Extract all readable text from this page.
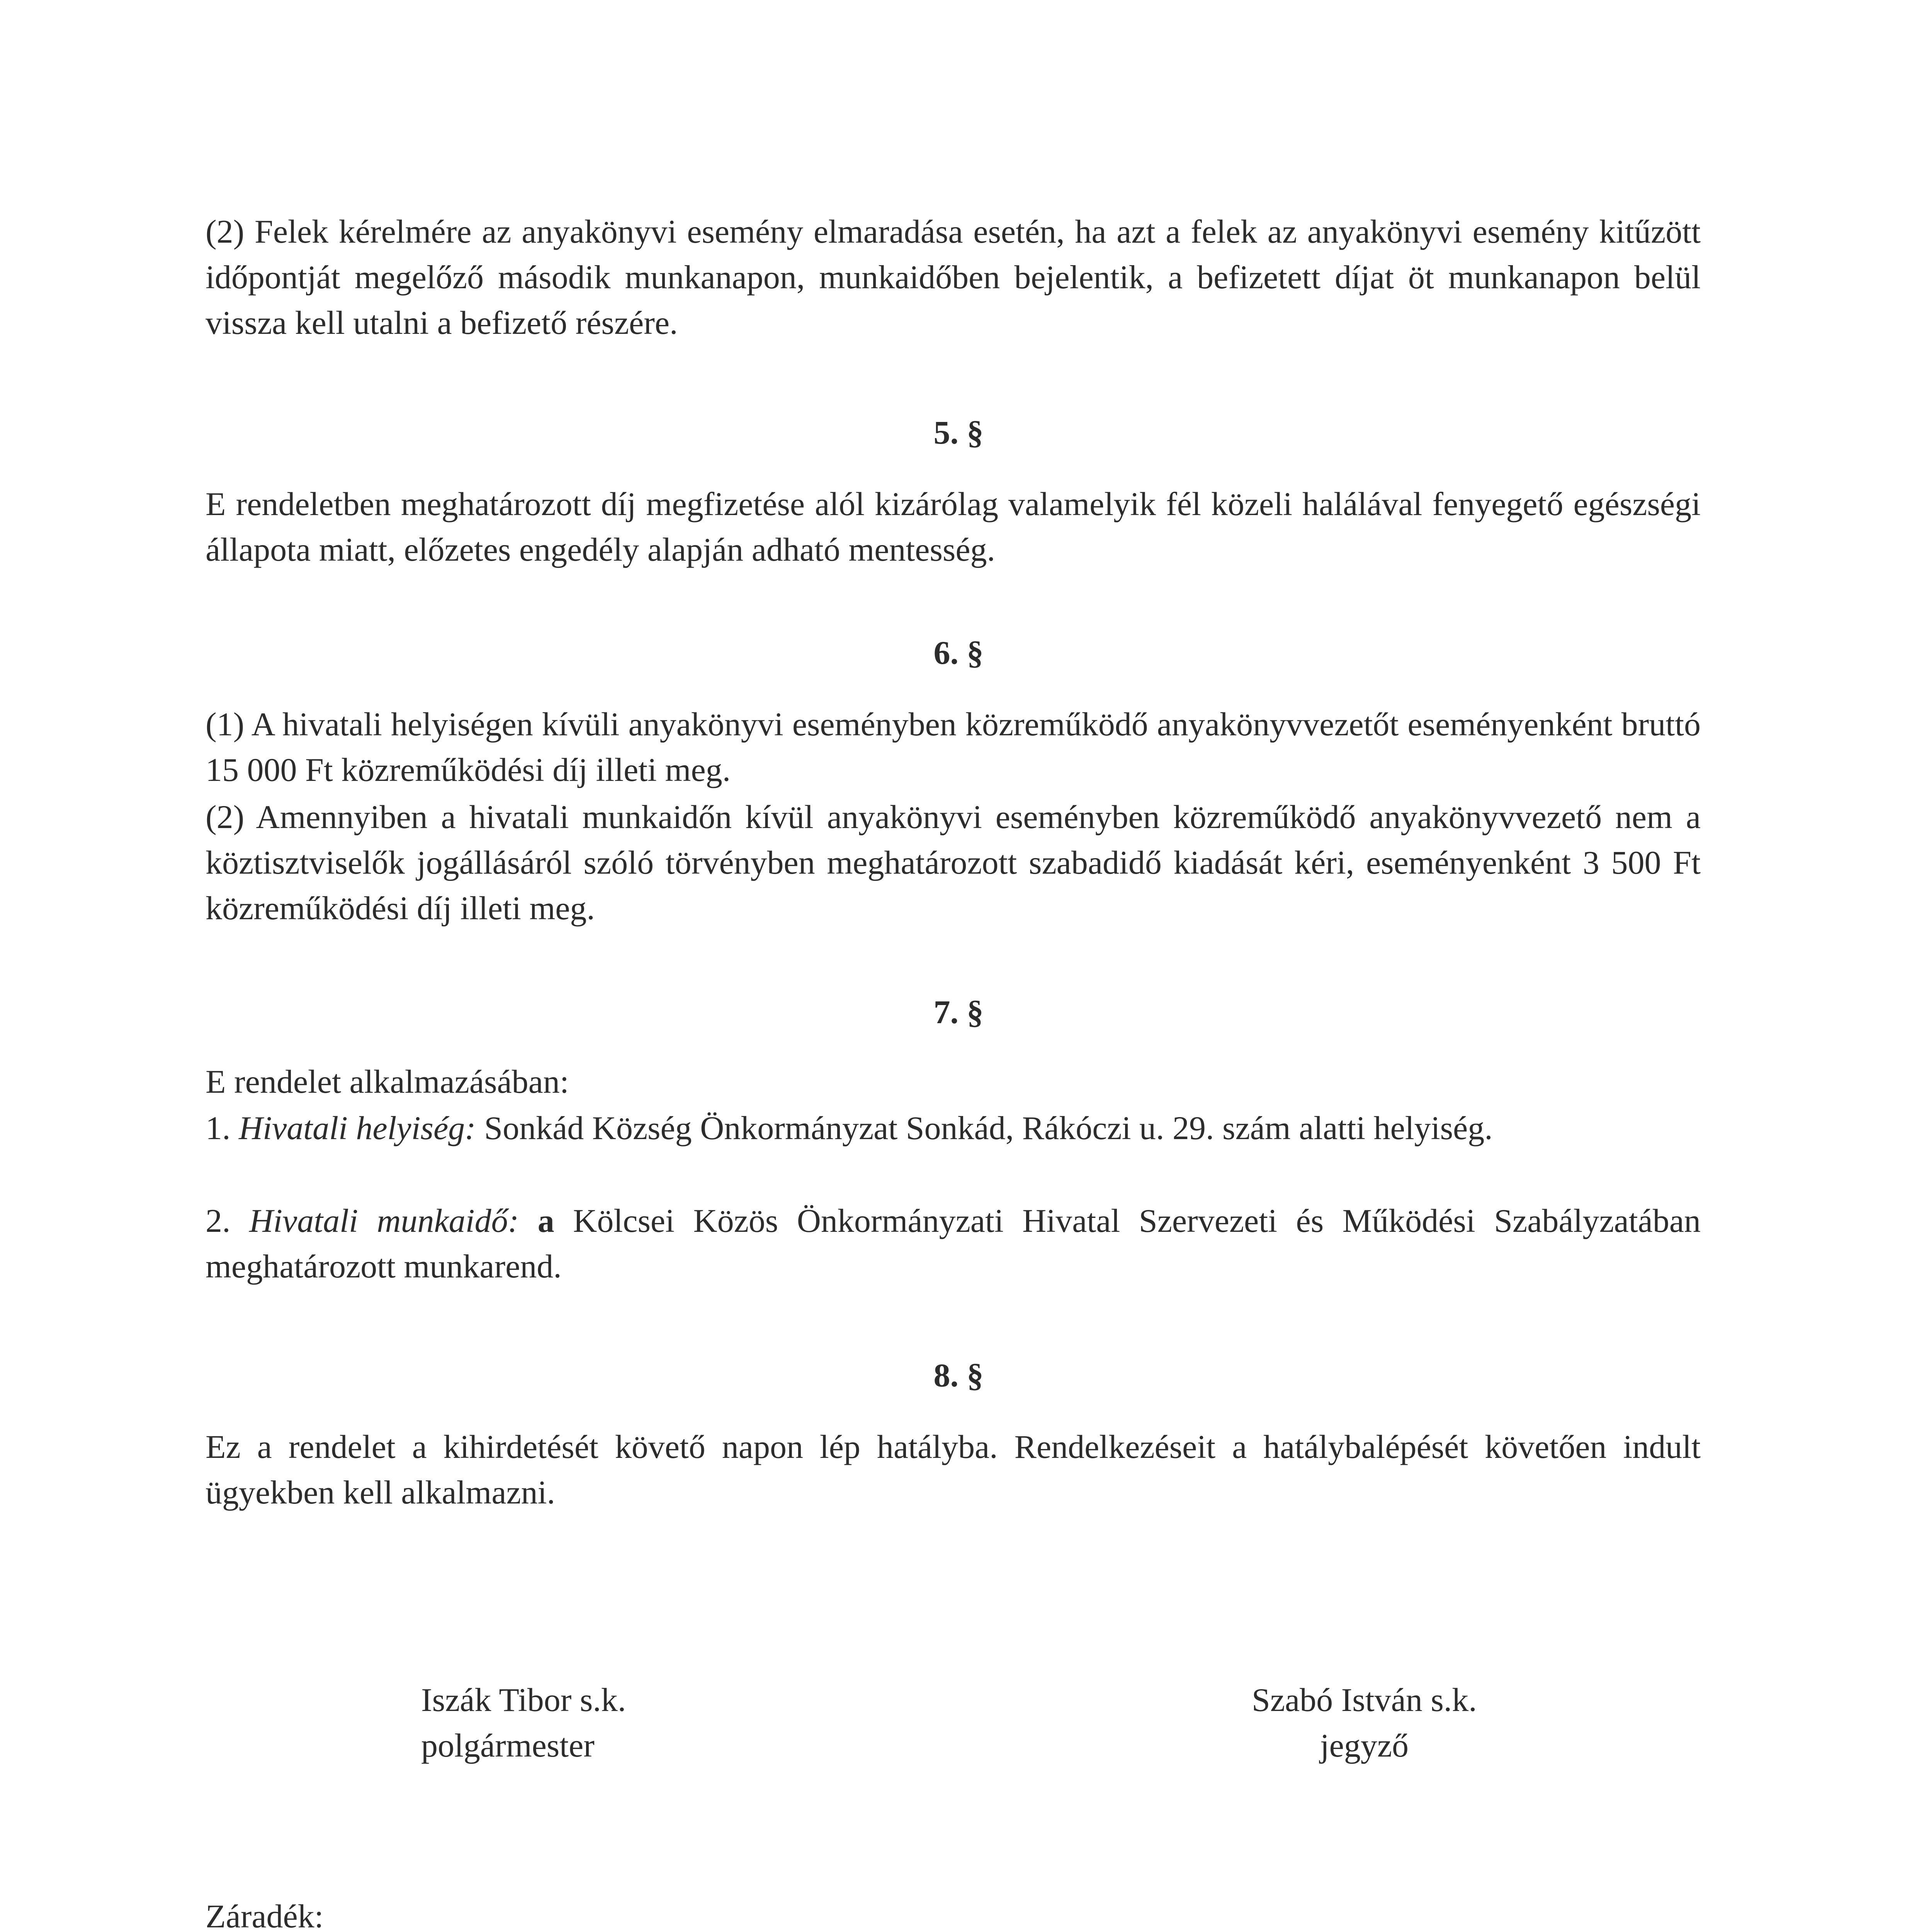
(2) Felek kérelmére az anyakönyvi esemény elmaradása esetén, ha azt a felek az anyakönyvi esemény kitűzött időpontját megelőző második munkanapon, munkaidőben bejelentik, a befizetett díjat öt munkanapon belül vissza kell utalni a befizető részére.

5. §

E rendeletben meghatározott díj megfizetése alól kizárólag valamelyik fél közeli halálával fenyegető egészségi állapota miatt, előzetes engedély alapján adható mentesség.

6. §

(1) A hivatali helyiségen kívüli anyakönyvi eseményben közreműködő anyakönyvvezetőt eseményenként bruttó 15 000 Ft közreműködési díj illeti meg.

(2) Amennyiben a hivatali munkaidőn kívül anyakönyvi eseményben közreműködő anyakönyvvezető nem a köztisztviselők jogállásáról szóló törvényben meghatározott szabadidő kiadását kéri, eseményenként 3 500 Ft közreműködési díj illeti meg.

7. §

E rendelet alkalmazásában:

1. Hivatali helyiség: Sonkád Község Önkormányzat Sonkád, Rákóczi u. 29. szám alatti helyiség.

2. Hivatali munkaidő: a Kölcsei Közös Önkormányzati Hivatal Szervezeti és Működési Szabályzatában meghatározott munkarend.

8. §

Ez a rendelet a kihirdetését követő napon lép hatályba. Rendelkezéseit a hatálybalépését követően indult ügyekben kell alkalmazni.

Iszák Tibor s.k.
polgármester
Szabó István s.k.
jegyző

Záradék:
